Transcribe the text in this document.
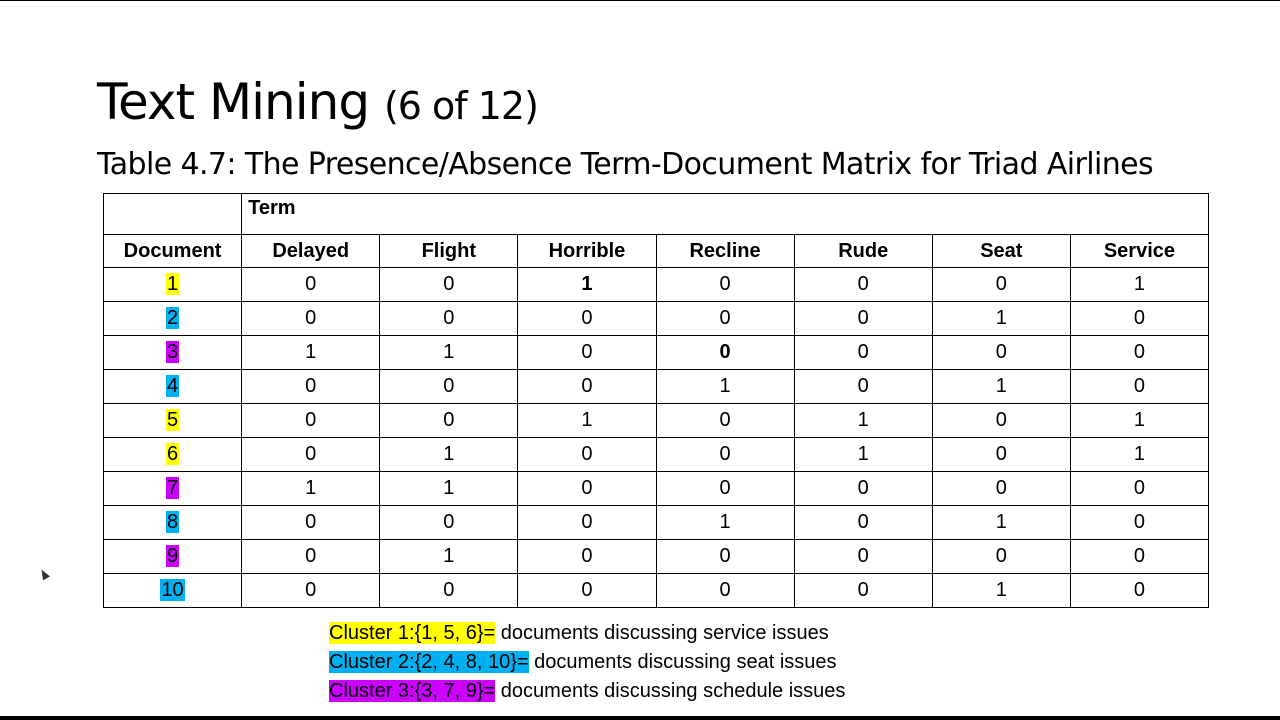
Text Mining (6 of 12)
Table 4.7: The Presence/Absence Term-Document Matrix for Triad Airlines
	Term						
Document	Delayed	Flight	Horrible	Recline	Rude	Seat	Service
1	0	0	1	0	0	0	1
2	0	0	0	0	0	1	0
3	1	1	0	0	0	0	0
4	0	0	0	1	0	1	0
5	0	0	1	0	1	0	1
6	0	1	0	0	1	0	1
7	1	1	0	0	0	0	0
8	0	0	0	1	0	1	0
9	0	1	0	0	0	0	0
10	0	0	0	0	0	1	0
Cluster 1:{1, 5, 6}= documents discussing service issues
Cluster 2:{2, 4, 8, 10}= documents discussing seat issues
Cluster 3:{3, 7, 9}= documents discussing schedule issues
